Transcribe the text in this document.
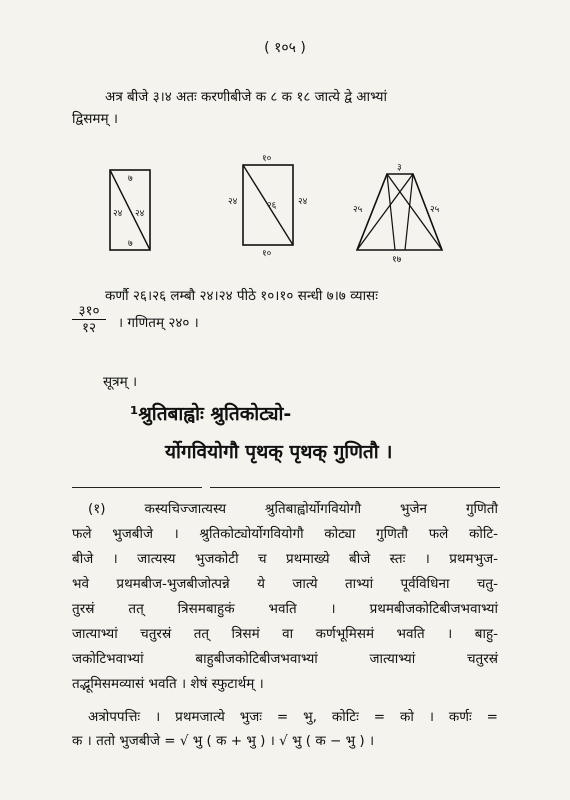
( १०५ )
अत्र बीजे ३।४ अतः करणीबीजे क ८ क १८ जात्ये द्वे आभ्यां
द्विसमम् ।
७
२४ २४
७
१०
२४	२४
२६
१०
३
२५	२५
१७
कर्णौ २६।२६ लम्बौ २४।२४ पीठे १०।१० सन्धी ७।७ व्यासः
३१०
१२	। गणितम् २४० ।
सूत्रम् ।
¹श्रुतिबाह्वोः श्रुतिकोट्यो-
र्योगवियोगौ पृथक् पृथक् गुणितौ ।
(१) कस्यचिज्जात्यस्य श्रुतिबाह्वोर्योगवियोगौ भुजेन गुणितौ
फले भुजबीजे । श्रुतिकोट्योर्योगवियोगौ कोट्या गुणितौ फले कोटि-
बीजे । जात्यस्य भुजकोटी च प्रथमाख्ये बीजे स्तः । प्रथमभुज-
भवे प्रथमबीज-भुजबीजोत्पन्ने ये जात्ये ताभ्यां पूर्वविधिना चतु-
तुरस्रं तत् त्रिसमबाहुकं भवति । प्रथमबीजकोटिबीजभवाभ्यां
जात्याभ्यां चतुरस्रं तत् त्रिसमं वा कर्णभूमिसमं भवति । बाहु-
जकोटिभवाभ्यां बाहुबीजकोटिबीजभवाभ्यां जात्याभ्यां चतुरस्रं
तद्भूमिसमव्यासं भवति । शेषं स्फुटार्थम् ।
अत्रोपपत्तिः । प्रथमजात्ये भुजः = भु, कोटिः = को । कर्णः =
क । ततो भुजबीजे = √ भु ( क + भु ) । √ भु ( क − भु ) ।
